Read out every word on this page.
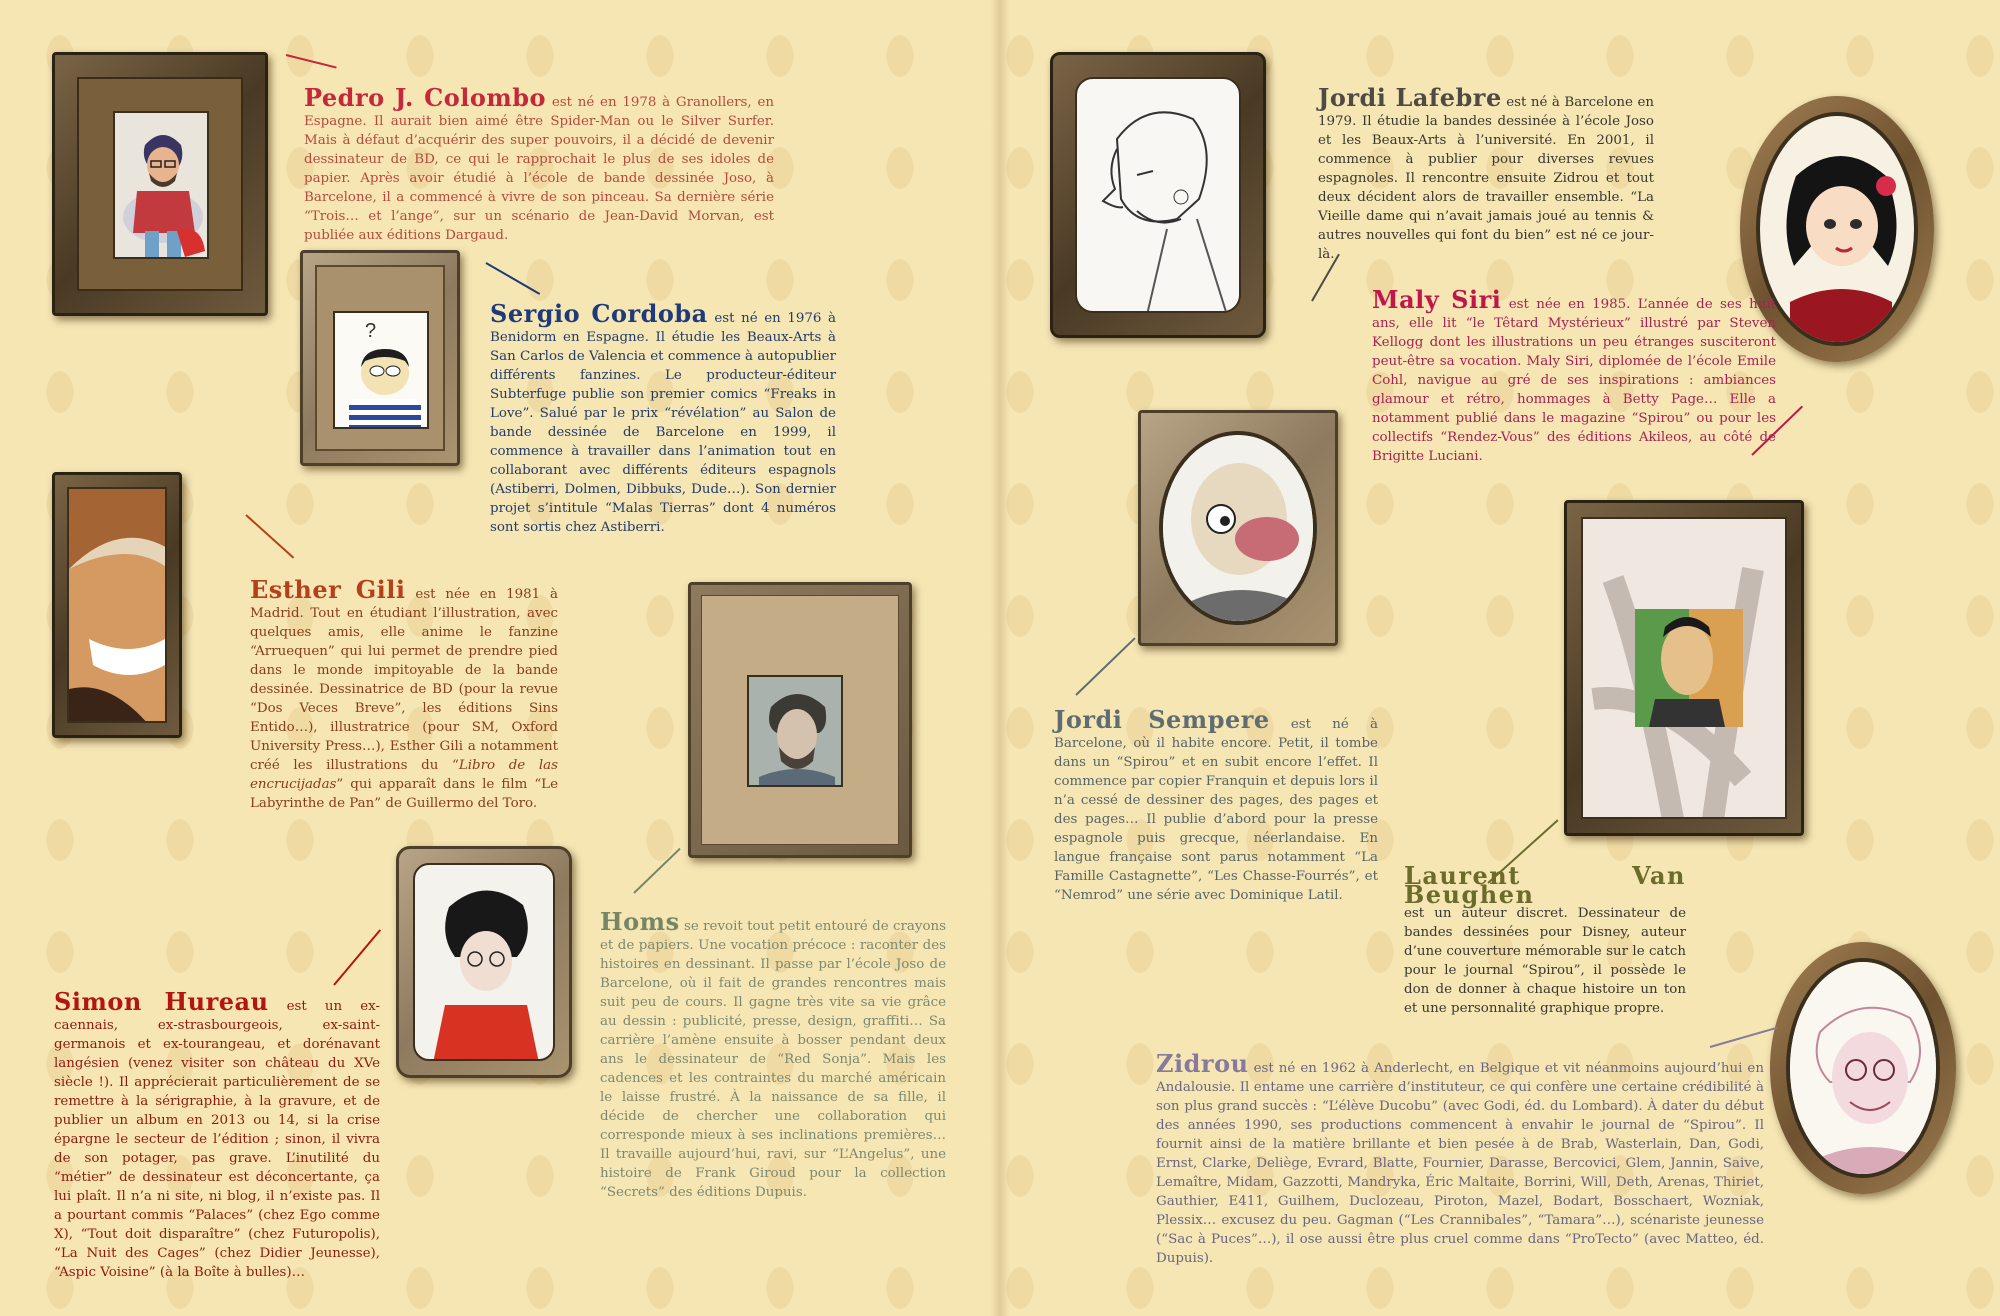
Pedro J. Colombo est né en 1978 à Granollers, en Espagne. Il aurait bien aimé être Spider-Man ou le Silver Surfer. Mais à défaut d’acquérir des super pouvoirs, il a décidé de devenir dessinateur de BD, ce qui le rapprochait le plus de ses idoles de papier. Après avoir étudié à l’école de bande dessinée Joso, à Barcelone, il a commencé à vivre de son pinceau. Sa dernière série “Trois… et l’ange”, sur un scénario de Jean-David Morvan, est publiée aux éditions Dargaud.
?
Sergio Cordoba est né en 1976 à Benidorm en Espagne. Il étudie les Beaux-Arts à San Carlos de Valencia et commence à autopublier différents fanzines. Le producteur-éditeur Subterfuge publie son premier comics “Freaks in Love”. Salué par le prix “révélation” au Salon de bande dessinée de Barcelone en 1999, il commence à travailler dans l’animation tout en collaborant avec différents éditeurs espagnols (Astiberri, Dolmen, Dibbuks, Dude…). Son dernier projet s’intitule “Malas Tierras” dont 4 numéros sont sortis chez Astiberri.
Esther Gili est née en 1981 à Madrid. Tout en étudiant l’illustration, avec quelques amis, elle anime le fanzine “Arruequen” qui lui permet de prendre pied dans le monde impitoyable de la bande dessinée. Dessinatrice de BD (pour la revue “Dos Veces Breve”, les éditions Sins Entido…), illustratrice (pour SM, Oxford University Press…), Esther Gili a notamment créé les illustrations du “Libro de las encrucijadas” qui apparaît dans le film “Le Labyrinthe de Pan” de Guillermo del Toro.
Simon Hureau est un ex-caennais, ex-strasbourgeois, ex-saint-germanois et ex-tourangeau, et dorénavant langésien (venez visiter son château du XVe siècle !). Il apprécierait particulièrement de se remettre à la sérigraphie, à la gravure, et de publier un album en 2013 ou 14, si la crise épargne le secteur de l’édition ; sinon, il vivra de son potager, pas grave. L’inutilité du “métier” de dessinateur est déconcertante, ça lui plaît. Il n’a ni site, ni blog, il n’existe pas. Il a pourtant commis “Palaces” (chez Ego comme X), “Tout doit disparaître” (chez Futuropolis), “La Nuit des Cages” (chez Didier Jeunesse), “Aspic Voisine” (à la Boîte à bulles)…
Homs se revoit tout petit entouré de crayons et de papiers. Une vocation précoce : raconter des histoires en dessinant. Il passe par l’école Joso de Barcelone, où il fait de grandes rencontres mais suit peu de cours. Il gagne très vite sa vie grâce au dessin : publicité, presse, design, graffiti… Sa carrière l’amène ensuite à bosser pendant deux ans le dessinateur de “Red Sonja”. Mais les cadences et les contraintes du marché américain le laisse frustré. À la naissance de sa fille, il décide de chercher une collaboration qui corresponde mieux à ses inclinations premières… Il travaille aujourd’hui, ravi, sur “L’Angelus”, une histoire de Frank Giroud pour la collection “Secrets” des éditions Dupuis.
Jordi Lafebre est né à Barcelone en 1979. Il étudie la bandes dessinée à l’école Joso et les Beaux-Arts à l’université. En 2001, il commence à publier pour diverses revues espagnoles. Il rencontre ensuite Zidrou et tout deux décident alors de travailler ensemble. “La Vieille dame qui n’avait jamais joué au tennis & autres nouvelles qui font du bien” est né ce jour-là.
Maly Siri est née en 1985. L’année de ses huit ans, elle lit “le Têtard Mystérieux” illustré par Steven Kellogg dont les illustrations un peu étranges susciteront peut-être sa vocation. Maly Siri, diplomée de l’école Emile Cohl, navigue au gré de ses inspirations : ambiances glamour et rétro, hommages à Betty Page… Elle a notamment publié dans le magazine “Spirou” ou pour les collectifs “Rendez-Vous” des éditions Akileos, au côté de Brigitte Luciani.
Jordi Sempere est né à Barcelone, où il habite encore. Petit, il tombe dans un “Spirou” et en subit encore l’effet. Il commence par copier Franquin et depuis lors il n’a cessé de dessiner des pages, des pages et des pages… Il publie d’abord pour la presse espagnole puis grecque, néerlandaise. En langue française sont parus notamment “La Famille Castagnette”, “Les Chasse-Fourrés”, et “Nemrod” une série avec Dominique Latil.
Laurent Van Beughen
est un auteur discret. Dessinateur de bandes dessinées pour Disney, auteur d’une couverture mémorable sur le catch pour le journal “Spirou”, il possède le don de donner à chaque histoire un ton et une personnalité graphique propre.
Zidrou est né en 1962 à Anderlecht, en Belgique et vit néanmoins aujourd’hui en Andalousie. Il entame une carrière d’instituteur, ce qui confère une certaine crédibilité à son plus grand succès : “L’élève Ducobu” (avec Godi, éd. du Lombard). À dater du début des années 1990, ses productions commencent à envahir le journal de “Spirou”. Il fournit ainsi de la matière brillante et bien pesée à de Brab, Wasterlain, Dan, Godi, Ernst, Clarke, Deliège, Evrard, Blatte, Fournier, Darasse, Bercovici, Glem, Jannin, Saive, Lemaître, Midam, Gazzotti, Mandryka, Éric Maltaite, Borrini, Will, Deth, Arenas, Thiriet, Gauthier, E411, Guilhem, Duclozeau, Piroton, Mazel, Bodart, Bosschaert, Wozniak, Plessix… excusez du peu. Gagman (“Les Crannibales”, “Tamara”…), scénariste jeunesse (“Sac à Puces”…), il ose aussi être plus cruel comme dans “ProTecto” (avec Matteo, éd. Dupuis).
